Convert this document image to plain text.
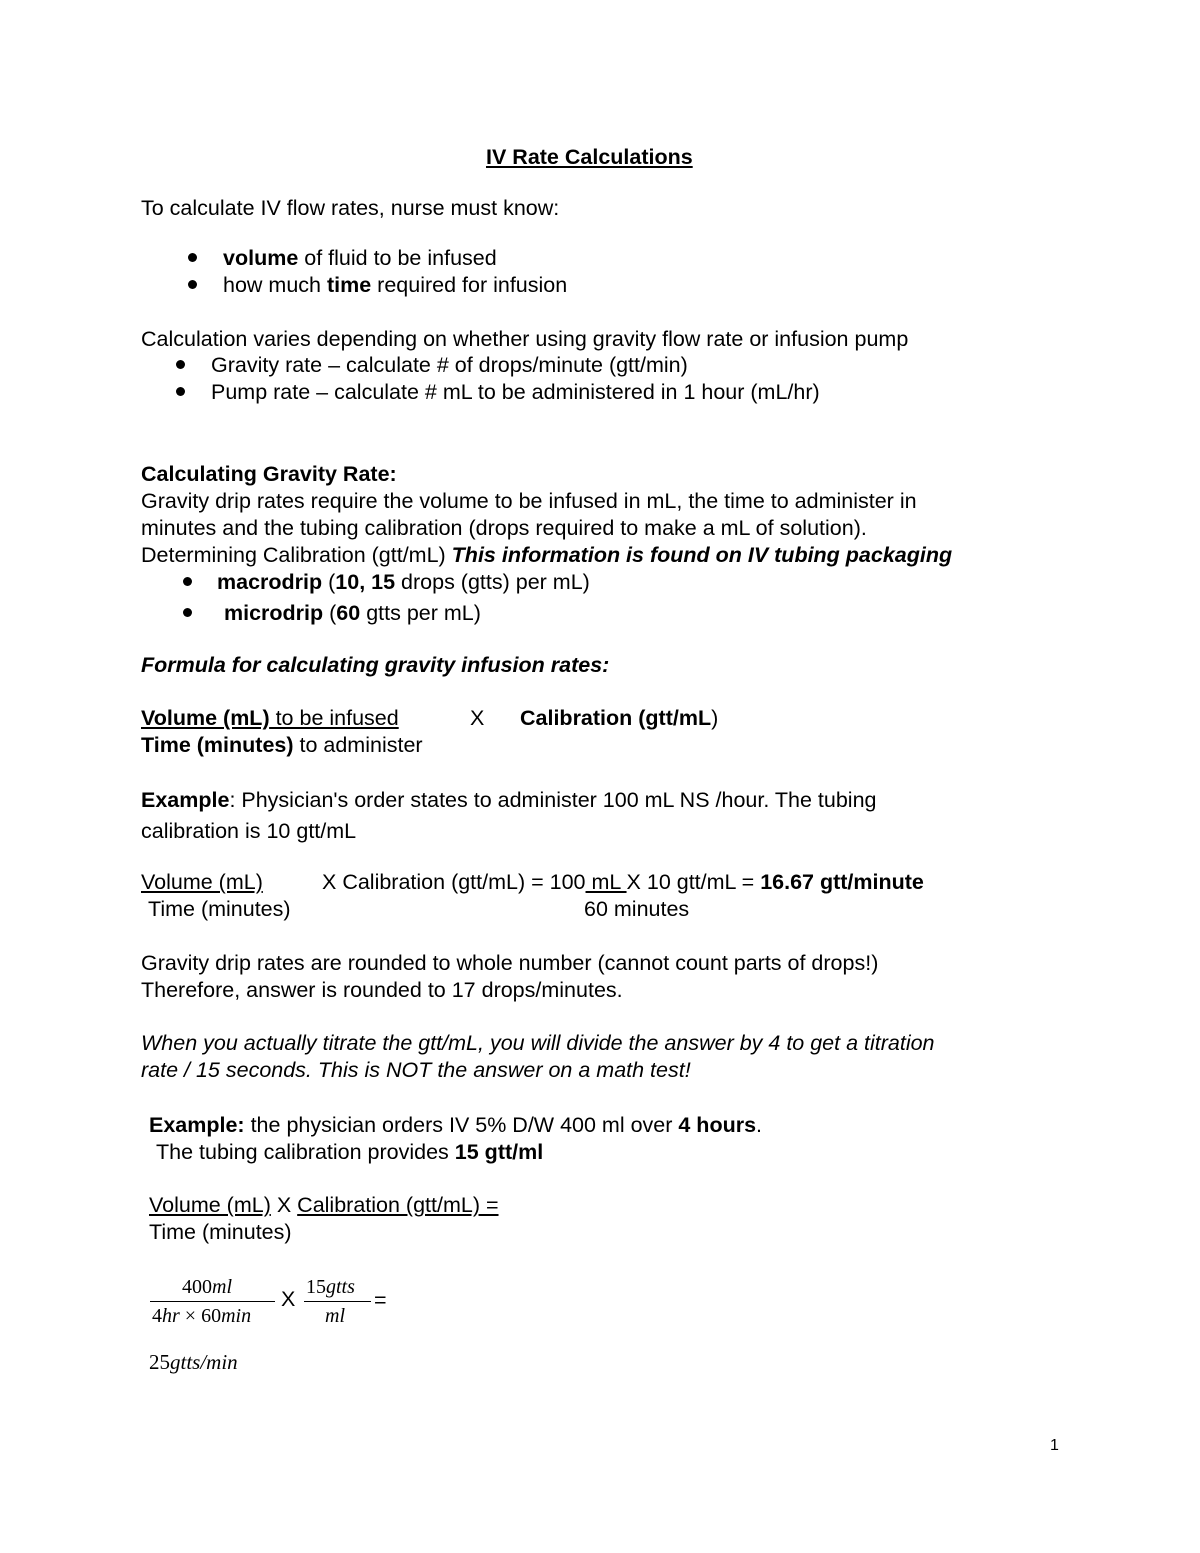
IV Rate Calculations
To calculate IV flow rates, nurse must know:
volume of fluid to be infused
how much time required for infusion
Calculation varies depending on whether using gravity flow rate or infusion pump
Gravity rate – calculate # of drops/minute (gtt/min)
Pump rate – calculate # mL to be administered in 1 hour (mL/hr)
Calculating Gravity Rate:
Gravity drip rates require the volume to be infused in mL, the time to administer in
minutes and the tubing calibration (drops required to make a mL of solution).
Determining Calibration (gtt/mL) This information is found on IV tubing packaging
macrodrip (10, 15 drops (gtts) per mL)
microdrip (60 gtts per mL)
Formula for calculating gravity infusion rates:
Volume (mL) to be infused	X Calibration (gtt/mL)
Time (minutes) to administer
Example: Physician's order states to administer 100 mL NS /hour. The tubing
calibration is 10 gtt/mL
Volume (mL)	X Calibration (gtt/mL) = 100 mL X 10 gtt/mL = 16.67 gtt/minute
Time (minutes)	60 minutes
Gravity drip rates are rounded to whole number (cannot count parts of drops!)
Therefore, answer is rounded to 17 drops/minutes.
When you actually titrate the gtt/mL, you will divide the answer by 4 to get a titration
rate / 15 seconds. This is NOT the answer on a math test!
Example: the physician orders IV 5% D/W 400 ml over 4 hours.
The tubing calibration provides 15 gtt/ml
Volume (mL) X Calibration (gtt/mL) =
Time (minutes)
400ml
4hr × 60min
X 15gtts
ml
=
25gtts/min
1
